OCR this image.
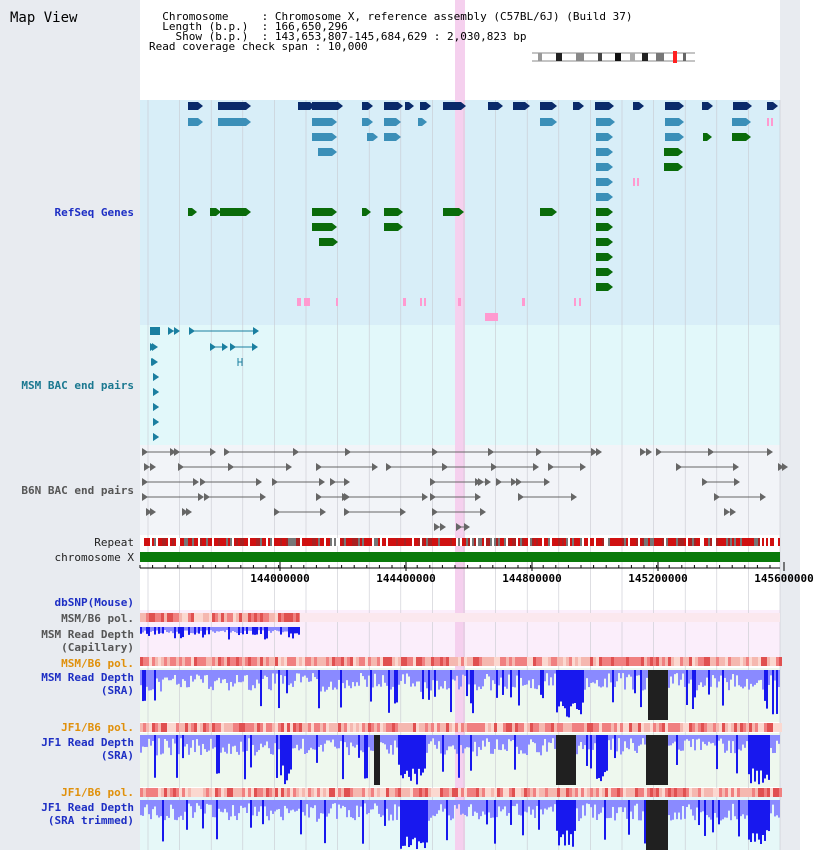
Map View	Chromosome     : Chromosome X, reference assembly (C57BL/6J) (Build 37)
Length (b.p.)  : 166,650,296
Show (b.p.)  : 143,653,807-145,684,629 : 2,030,823 bp
Read coverage check span : 10,000
RefSeq Genes
MSM BAC end pairs
B6N BAC end pairs
Repeat
chromosome X
dbSNP(Mouse)
MSM/B6 pol.
MSM Read Depth
(Capillary)
MSM/B6 pol.
MSM Read Depth
(SRA)
JF1/B6 pol.
JF1 Read Depth
(SRA)
JF1/B6 pol.
JF1 Read Depth
(SRA trimmed)
144000000	144400000	144800000	145200000	145600000
